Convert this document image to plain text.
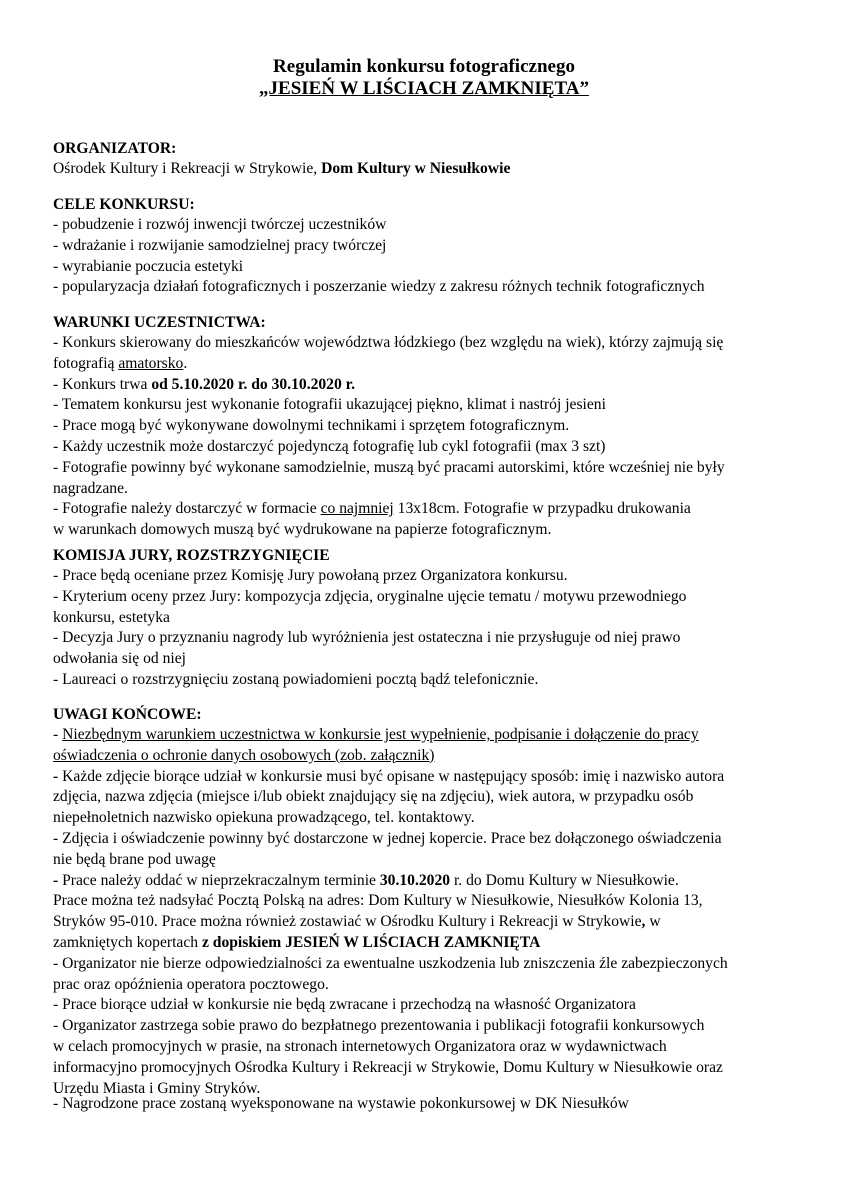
Regulamin konkursu fotograficznego
„JESIEŃ W LIŚCIACH ZAMKNIĘTA”
ORGANIZATOR:
Ośrodek Kultury i Rekreacji w Strykowie, Dom Kultury w Niesułkowie
CELE KONKURSU:
- pobudzenie i rozwój inwencji twórczej uczestników
- wdrażanie i rozwijanie samodzielnej pracy twórczej
- wyrabianie poczucia estetyki
- popularyzacja działań fotograficznych i poszerzanie wiedzy z zakresu różnych technik fotograficznych
WARUNKI UCZESTNICTWA:
- Konkurs skierowany do mieszkańców województwa łódzkiego (bez względu na wiek), którzy zajmują się
fotografią amatorsko.
- Konkurs trwa od 5.10.2020 r. do 30.10.2020 r.
- Tematem konkursu jest wykonanie fotografii ukazującej piękno, klimat i nastrój jesieni
- Prace mogą być wykonywane dowolnymi technikami i sprzętem fotograficznym.
- Każdy uczestnik może dostarczyć pojedynczą fotografię lub cykl fotografii (max 3 szt)
- Fotografie powinny być wykonane samodzielnie, muszą być pracami autorskimi, które wcześniej nie były
nagradzane.
- Fotografie należy dostarczyć w formacie co najmniej 13x18cm. Fotografie w przypadku drukowania
w warunkach domowych muszą być wydrukowane na papierze fotograficznym.
KOMISJA JURY, ROZSTRZYGNIĘCIE
- Prace będą oceniane przez Komisję Jury powołaną przez Organizatora konkursu.
- Kryterium oceny przez Jury: kompozycja zdjęcia, oryginalne ujęcie tematu / motywu przewodniego
konkursu, estetyka
- Decyzja Jury o przyznaniu nagrody lub wyróżnienia jest ostateczna i nie przysługuje od niej prawo
odwołania się od niej
- Laureaci o rozstrzygnięciu zostaną powiadomieni pocztą bądź telefonicznie.
UWAGI KOŃCOWE:
- Niezbędnym warunkiem uczestnictwa w konkursie jest wypełnienie, podpisanie i dołączenie do pracy
oświadczenia o ochronie danych osobowych (zob. załącznik)
- Każde zdjęcie biorące udział w konkursie musi być opisane w następujący sposób: imię i nazwisko autora
zdjęcia, nazwa zdjęcia (miejsce i/lub obiekt znajdujący się na zdjęciu), wiek autora, w przypadku osób
niepełnoletnich nazwisko opiekuna prowadzącego, tel. kontaktowy.
- Zdjęcia i oświadczenie powinny być dostarczone w jednej kopercie. Prace bez dołączonego oświadczenia
nie będą brane pod uwagę
- Prace należy oddać w nieprzekraczalnym terminie 30.10.2020 r. do Domu Kultury w Niesułkowie.
Prace można też nadsyłać Pocztą Polską na adres: Dom Kultury w Niesułkowie, Niesułków Kolonia 13,
Stryków 95-010. Prace można również zostawiać w Ośrodku Kultury i Rekreacji w Strykowie, w
zamkniętych kopertach z dopiskiem JESIEŃ W LIŚCIACH ZAMKNIĘTA
- Organizator nie bierze odpowiedzialności za ewentualne uszkodzenia lub zniszczenia źle zabezpieczonych
prac oraz opóźnienia operatora pocztowego.
- Prace biorące udział w konkursie nie będą zwracane i przechodzą na własność Organizatora
- Organizator zastrzega sobie prawo do bezpłatnego prezentowania i publikacji fotografii konkursowych
w celach promocyjnych w prasie, na stronach internetowych Organizatora oraz w wydawnictwach
informacyjno promocyjnych Ośrodka Kultury i Rekreacji w Strykowie, Domu Kultury w Niesułkowie oraz
Urzędu Miasta i Gminy Stryków.
- Nagrodzone prace zostaną wyeksponowane na wystawie pokonkursowej w DK Niesułków
